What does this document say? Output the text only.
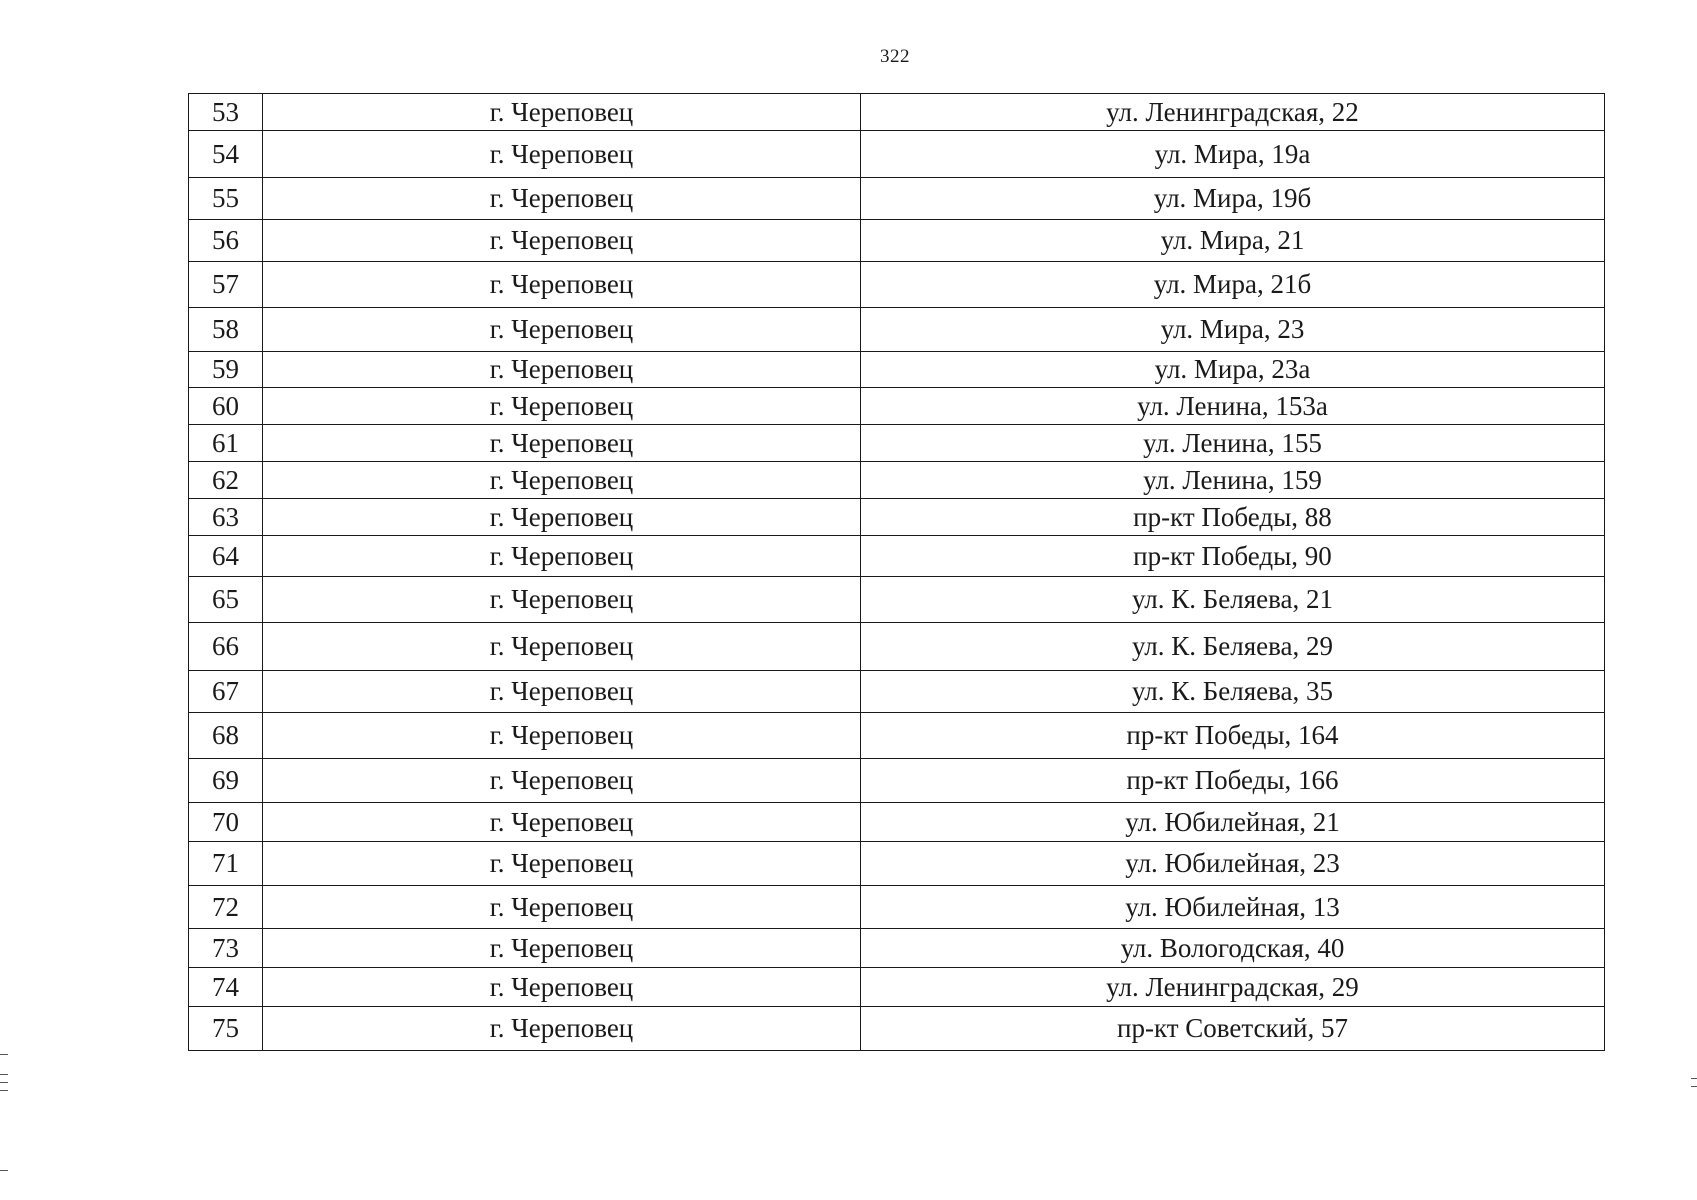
322
53	г. Череповец	ул. Ленинградская, 22
54	г. Череповец	ул. Мира, 19а
55	г. Череповец	ул. Мира, 19б
56	г. Череповец	ул. Мира, 21
57	г. Череповец	ул. Мира, 21б
58	г. Череповец	ул. Мира, 23
59	г. Череповец	ул. Мира, 23а
60	г. Череповец	ул. Ленина, 153а
61	г. Череповец	ул. Ленина, 155
62	г. Череповец	ул. Ленина, 159
63	г. Череповец	пр-кт Победы, 88
64	г. Череповец	пр-кт Победы, 90
65	г. Череповец	ул. К. Беляева, 21
66	г. Череповец	ул. К. Беляева, 29
67	г. Череповец	ул. К. Беляева, 35
68	г. Череповец	пр-кт Победы, 164
69	г. Череповец	пр-кт Победы, 166
70	г. Череповец	ул. Юбилейная, 21
71	г. Череповец	ул. Юбилейная, 23
72	г. Череповец	ул. Юбилейная, 13
73	г. Череповец	ул. Вологодская, 40
74	г. Череповец	ул. Ленинградская, 29
75	г. Череповец	пр-кт Советский, 57
